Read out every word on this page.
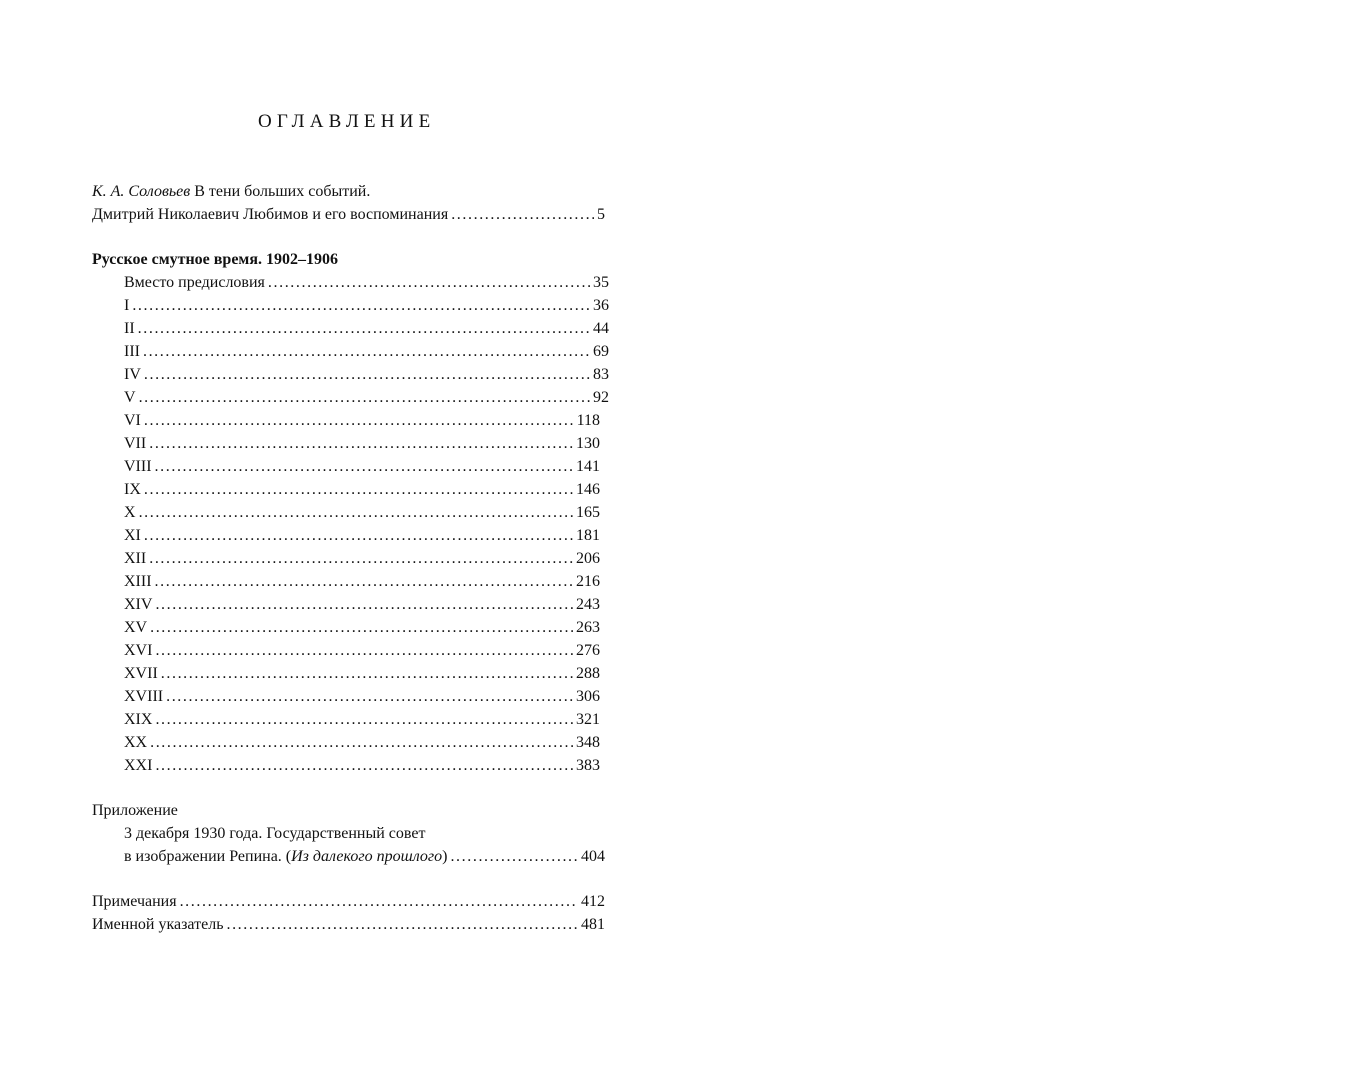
ОГЛАВЛЕНИЕ
К. А. Соловьев В тени больших событий.
Дмитрий Николаевич Любимов и его воспоминания . . .	5
Русское смутное время. 1902–1906
Вместо предисловия . . .	35
I . . .	36
II . . .	44
III . . .	69
IV . . .	83
V . . .	92
VI . . .	118
VII . . .	130
VIII . . .	141
IX . . .	146
X . . .	165
XI . . .	181
XII . . .	206
XIII . . .	216
XIV . . .	243
XV . . .	263
XVI . . .	276
XVII . . .	288
XVIII . . .	306
XIX . . .	321
XX . . .	348
XXI . . .	383
Приложение
3 декабря 1930 года. Государственный совет
в изображении Репина. (Из далекого прошлого) . . .	404
Примечания . . .	412
Именной указатель . . .	481
